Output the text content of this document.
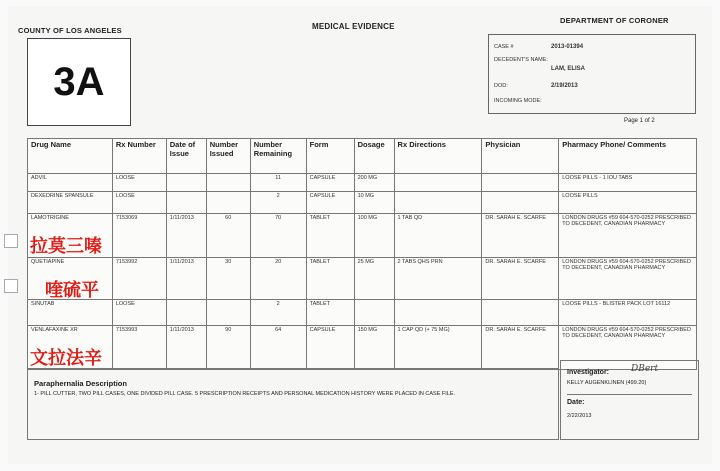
COUNTY OF LOS ANGELES	MEDICAL EVIDENCE
DEPARTMENT OF CORONER
3A
CASE #	2013-01394
DECEDENT'S NAME:
LAM, ELISA
DOD:	2/19/2013
INCOMING MODE:
Page 1 of 2
Drug Name	Rx Number	Date of Issue	Number Issued	Number Remaining	Form	Dosage	Rx Directions	Physician	Pharmacy Phone/ Comments
ADVIL	LOOSE			11	CAPSULE	200 MG			LOOSE PILLS - 1 IOU TABS
DEXEDRINE SPANSULE	LOOSE			2	CAPSULE	10 MG			LOOSE PILLS
LAMOTRIGINE	7153069	1/11/2013	60	70	TABLET	100 MG	1 TAB QD	DR. SARAH E. SCARFE	LONDON DRUGS #59 604-570-0252 PRESCRIBED TO DECEDENT, CANADIAN PHARMACY
QUETIAPINE	7153992	1/11/2013	30	20	TABLET	25 MG	2 TABS QHS PRN	DR. SARAH E. SCARFE	LONDON DRUGS #59 604-570-0252 PRESCRIBED TO DECEDENT, CANADIAN PHARMACY
SINUTAB	LOOSE			2	TABLET				LOOSE PILLS - BLISTER PACK LOT 16112
VENLAFAXINE XR	7153993	1/11/2013	90	64	CAPSULE	150 MG	1 CAP QD (+ 75 MG)	DR. SARAH E. SCARFE	LONDON DRUGS #59 604-570-0252 PRESCRIBED TO DECEDENT, CANADIAN PHARMACY
拉莫三嗪
喹硫平
文拉法辛
Paraphernalia Description
1- PILL CUTTER, TWO PILL CASES, ONE DIVIDED PILL CASE. 5 PRESCRIPTION RECEIPTS AND PERSONAL MEDICATION HISTORY WERE PLACED IN CASE FILE.
Investigator: DBert
KELLY AUGENKLINEN (499.20)
Date:
2/22/2013
